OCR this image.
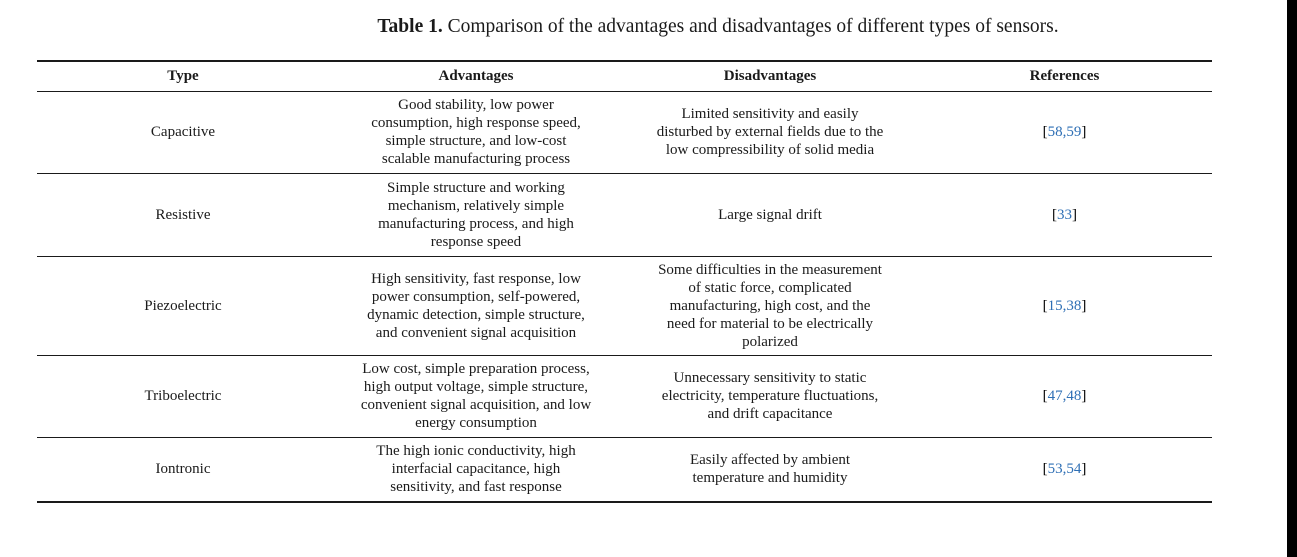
Table 1. Comparison of the advantages and disadvantages of different types of sensors.
Type	Advantages	Disadvantages	References
Capacitive	Good stability, low power
consumption, high response speed,
simple structure, and low-cost
scalable manufacturing process	Limited sensitivity and easily
disturbed by external fields due to the
low compressibility of solid media	[58,59]
Resistive	Simple structure and working
mechanism, relatively simple
manufacturing process, and high
response speed	Large signal drift	[33]
Piezoelectric	High sensitivity, fast response, low
power consumption, self-powered,
dynamic detection, simple structure,
and convenient signal acquisition	Some difficulties in the measurement
of static force, complicated
manufacturing, high cost, and the
need for material to be electrically
polarized	[15,38]
Triboelectric	Low cost, simple preparation process,
high output voltage, simple structure,
convenient signal acquisition, and low
energy consumption	Unnecessary sensitivity to static
electricity, temperature fluctuations,
and drift capacitance	[47,48]
Iontronic	The high ionic conductivity, high
interfacial capacitance, high
sensitivity, and fast response	Easily affected by ambient
temperature and humidity	[53,54]
